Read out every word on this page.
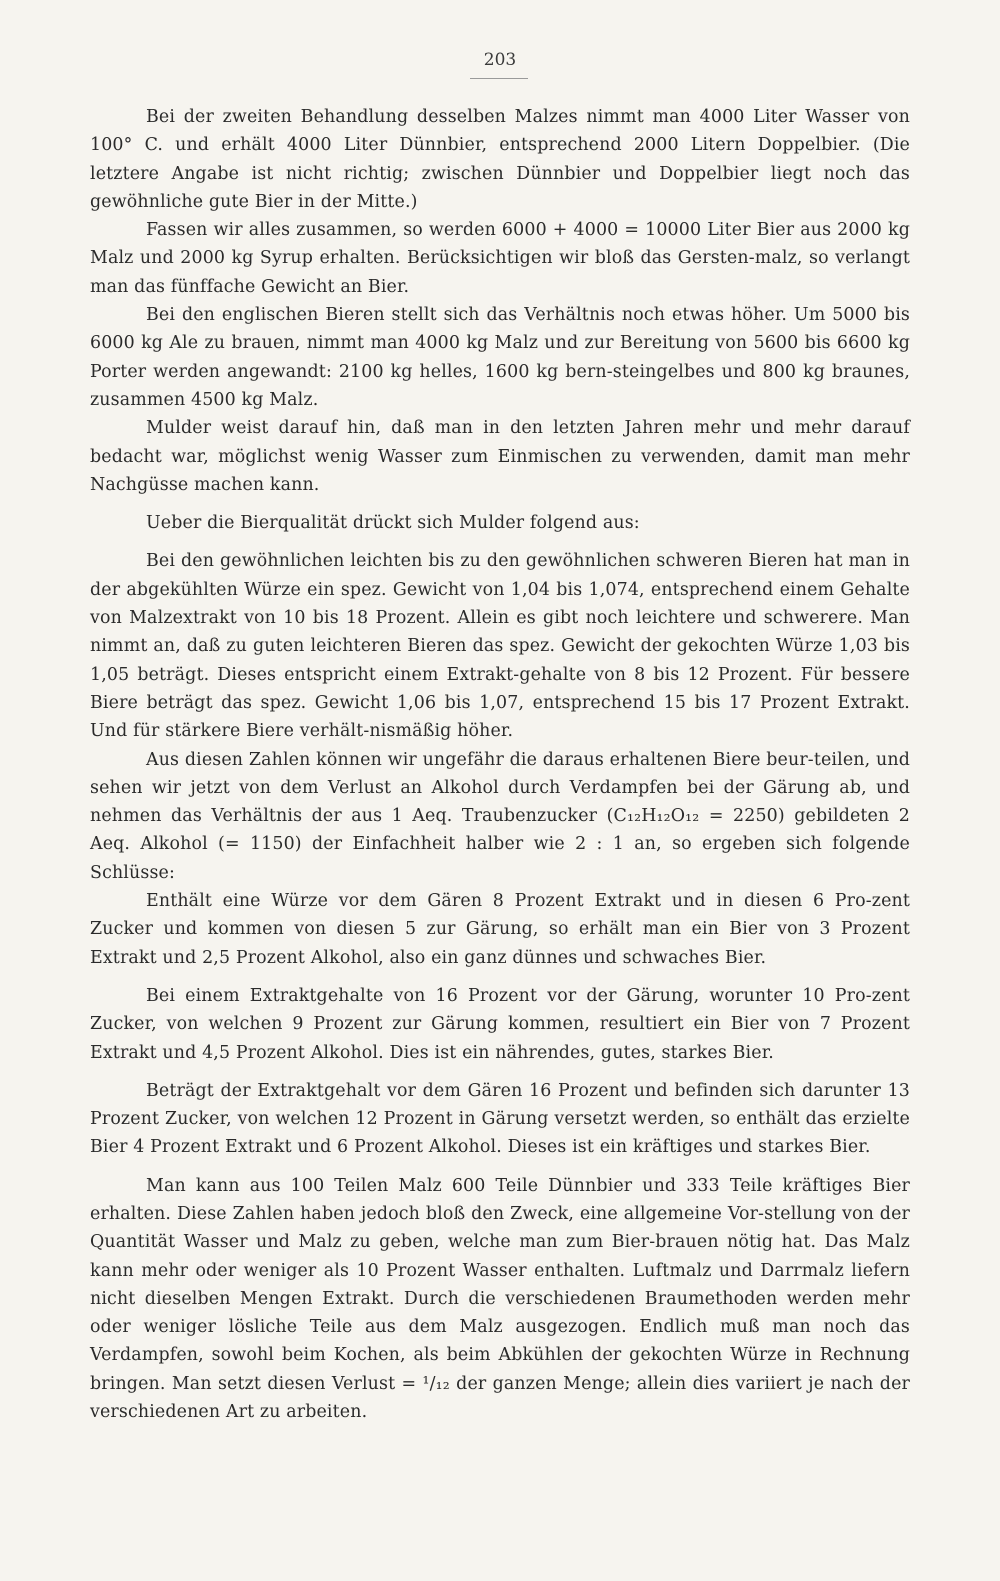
203

Bei der zweiten Behandlung desselben Malzes nimmt man 4000 Liter Wasser von 100° C. und erhält 4000 Liter Dünnbier, entsprechend 2000 Litern Doppelbier. (Die letztere Angabe ist nicht richtig; zwischen Dünnbier und Doppelbier liegt noch das gewöhnliche gute Bier in der Mitte.)

Fassen wir alles zusammen, so werden 6000 + 4000 = 10000 Liter Bier aus 2000 kg Malz und 2000 kg Syrup erhalten. Berücksichtigen wir bloß das Gersten-malz, so verlangt man das fünffache Gewicht an Bier.

Bei den englischen Bieren stellt sich das Verhältnis noch etwas höher. Um 5000 bis 6000 kg Ale zu brauen, nimmt man 4000 kg Malz und zur Bereitung von 5600 bis 6600 kg Porter werden angewandt: 2100 kg helles, 1600 kg bern-steingelbes und 800 kg braunes, zusammen 4500 kg Malz.

Mulder weist darauf hin, daß man in den letzten Jahren mehr und mehr darauf bedacht war, möglichst wenig Wasser zum Einmischen zu verwenden, damit man mehr Nachgüsse machen kann.

Ueber die Bierqualität drückt sich Mulder folgend aus:

Bei den gewöhnlichen leichten bis zu den gewöhnlichen schweren Bieren hat man in der abgekühlten Würze ein spez. Gewicht von 1,04 bis 1,074, entsprechend einem Gehalte von Malzextrakt von 10 bis 18 Prozent. Allein es gibt noch leichtere und schwerere. Man nimmt an, daß zu guten leichteren Bieren das spez. Gewicht der gekochten Würze 1,03 bis 1,05 beträgt. Dieses entspricht einem Extrakt-gehalte von 8 bis 12 Prozent. Für bessere Biere beträgt das spez. Gewicht 1,06 bis 1,07, entsprechend 15 bis 17 Prozent Extrakt. Und für stärkere Biere verhält-nismäßig höher.

Aus diesen Zahlen können wir ungefähr die daraus erhaltenen Biere beur-teilen, und sehen wir jetzt von dem Verlust an Alkohol durch Verdampfen bei der Gärung ab, und nehmen das Verhältnis der aus 1 Aeq. Traubenzucker (C₁₂H₁₂O₁₂ = 2250) gebildeten 2 Aeq. Alkohol (= 1150) der Einfachheit halber wie 2 : 1 an, so ergeben sich folgende Schlüsse:

Enthält eine Würze vor dem Gären 8 Prozent Extrakt und in diesen 6 Pro-zent Zucker und kommen von diesen 5 zur Gärung, so erhält man ein Bier von 3 Prozent Extrakt und 2,5 Prozent Alkohol, also ein ganz dünnes und schwaches Bier.

Bei einem Extraktgehalte von 16 Prozent vor der Gärung, worunter 10 Pro-zent Zucker, von welchen 9 Prozent zur Gärung kommen, resultiert ein Bier von 7 Prozent Extrakt und 4,5 Prozent Alkohol. Dies ist ein nährendes, gutes, starkes Bier.

Beträgt der Extraktgehalt vor dem Gären 16 Prozent und befinden sich darunter 13 Prozent Zucker, von welchen 12 Prozent in Gärung versetzt werden, so enthält das erzielte Bier 4 Prozent Extrakt und 6 Prozent Alkohol. Dieses ist ein kräftiges und starkes Bier.

Man kann aus 100 Teilen Malz 600 Teile Dünnbier und 333 Teile kräftiges Bier erhalten. Diese Zahlen haben jedoch bloß den Zweck, eine allgemeine Vor-stellung von der Quantität Wasser und Malz zu geben, welche man zum Bier-brauen nötig hat. Das Malz kann mehr oder weniger als 10 Prozent Wasser enthalten. Luftmalz und Darrmalz liefern nicht dieselben Mengen Extrakt. Durch die verschiedenen Braumethoden werden mehr oder weniger lösliche Teile aus dem Malz ausgezogen. Endlich muß man noch das Verdampfen, sowohl beim Kochen, als beim Abkühlen der gekochten Würze in Rechnung bringen. Man setzt diesen Verlust = ¹/₁₂ der ganzen Menge; allein dies variiert je nach der verschiedenen Art zu arbeiten.
